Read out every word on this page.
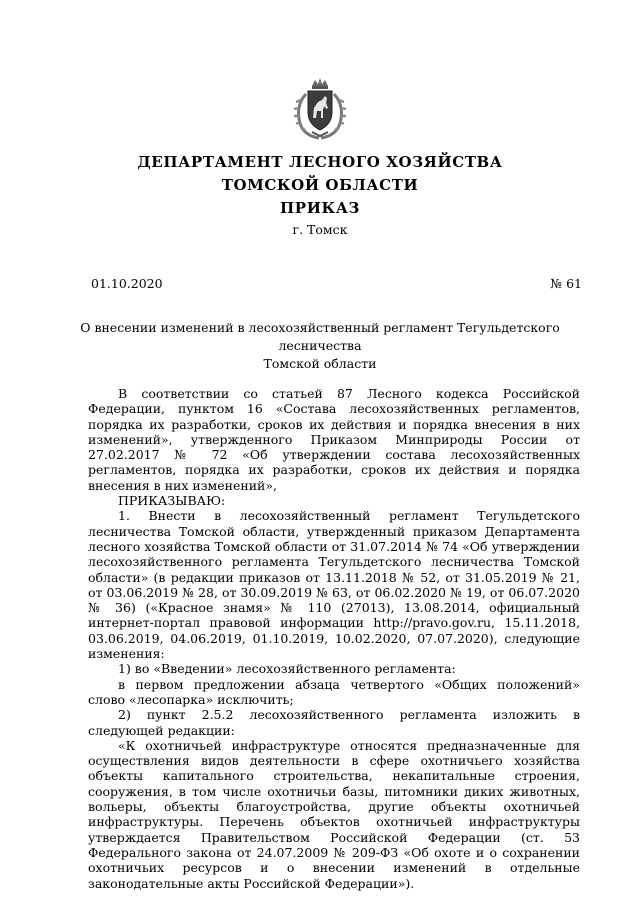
ДЕПАРТАМЕНТ ЛЕСНОГО ХОЗЯЙСТВА
ТОМСКОЙ ОБЛАСТИ
ПРИКАЗ
г. Томск
01.10.2020	№ 61
О внесении изменений в лесохозяйственный регламент Тегульдетского лесничества
Томской области

В соответствии со статьей 87 Лесного кодекса Российской Федерации, пунктом 16 «Состава лесохозяйственных регламентов, порядка их разработки, сроков их действия и порядка внесения в них изменений», утвержденного Приказом Минприроды России от 27.02.2017 № 72 «Об утверждении состава лесохозяйственных регламентов, порядка их разработки, сроков их действия и порядка внесения в них изменений»,

ПРИКАЗЫВАЮ:

1. Внести в лесохозяйственный регламент Тегульдетского лесничества Томской области, утвержденный приказом Департамента лесного хозяйства Томской области от 31.07.2014 № 74 «Об утверждении лесохозяйственного регламента Тегульдетского лесничества Томской области» (в редакции приказов от 13.11.2018 № 52, от 31.05.2019 № 21, от 03.06.2019 № 28, от 30.09.2019 № 63, от 06.02.2020 № 19, от 06.07.2020 № 36) («Красное знамя» № 110 (27013), 13.08.2014, официальный интернет-портал правовой информации http://pravo.gov.ru, 15.11.2018, 03.06.2019, 04.06.2019, 01.10.2019, 10.02.2020, 07.07.2020), следующие изменения:

1) во «Введении» лесохозяйственного регламента:

в первом предложении абзаца четвертого «Общих положений» слово «лесопарка» исключить;

2) пункт 2.5.2 лесохозяйственного регламента изложить в следующей редакции:

«К охотничьей инфраструктуре относятся предназначенные для осуществления видов деятельности в сфере охотничьего хозяйства объекты капитального строительства, некапитальные строения, сооружения, в том числе охотничьи базы, питомники диких животных, вольеры, объекты благоустройства, другие объекты охотничьей инфраструктуры. Перечень объектов охотничьей инфраструктуры утверждается Правительством Российской Федерации (ст. 53 Федерального закона от 24.07.2009 № 209-ФЗ «Об охоте и о сохранении охотничьих ресурсов и о внесении изменений в отдельные законодательные акты Российской Федерации»).
